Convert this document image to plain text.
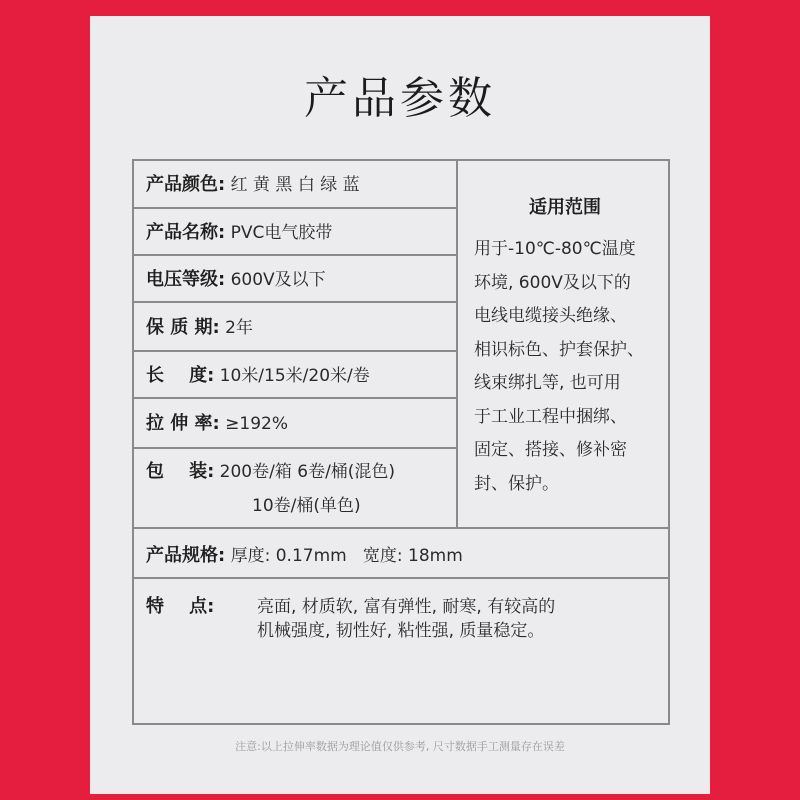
产品参数
产品颜色: 红 黄 黑 白 绿 蓝
产品名称: PVC电气胶带
电压等级: 600V及以下
保 质 期: 2年
长    度: 10米/15米/20米/卷
拉 伸 率: ≥192%
包    装: 200卷/箱 6卷/桶(混色)
10卷/桶(单色)
产品规格: 厚度: 0.17mm   宽度: 18mm
特    点:	亮面, 材质软, 富有弹性, 耐寒, 有较高的
机械强度, 韧性好, 粘性强, 质量稳定。
适用范围
用于-10℃-80℃温度
环境, 600V及以下的
电线电缆接头绝缘、
相识标色、护套保护、
线束绑扎等, 也可用
于工业工程中捆绑、
固定、搭接、修补密
封、保护。
注意:以上拉伸率数据为理论值仅供参考, 尺寸数据手工测量存在误差
